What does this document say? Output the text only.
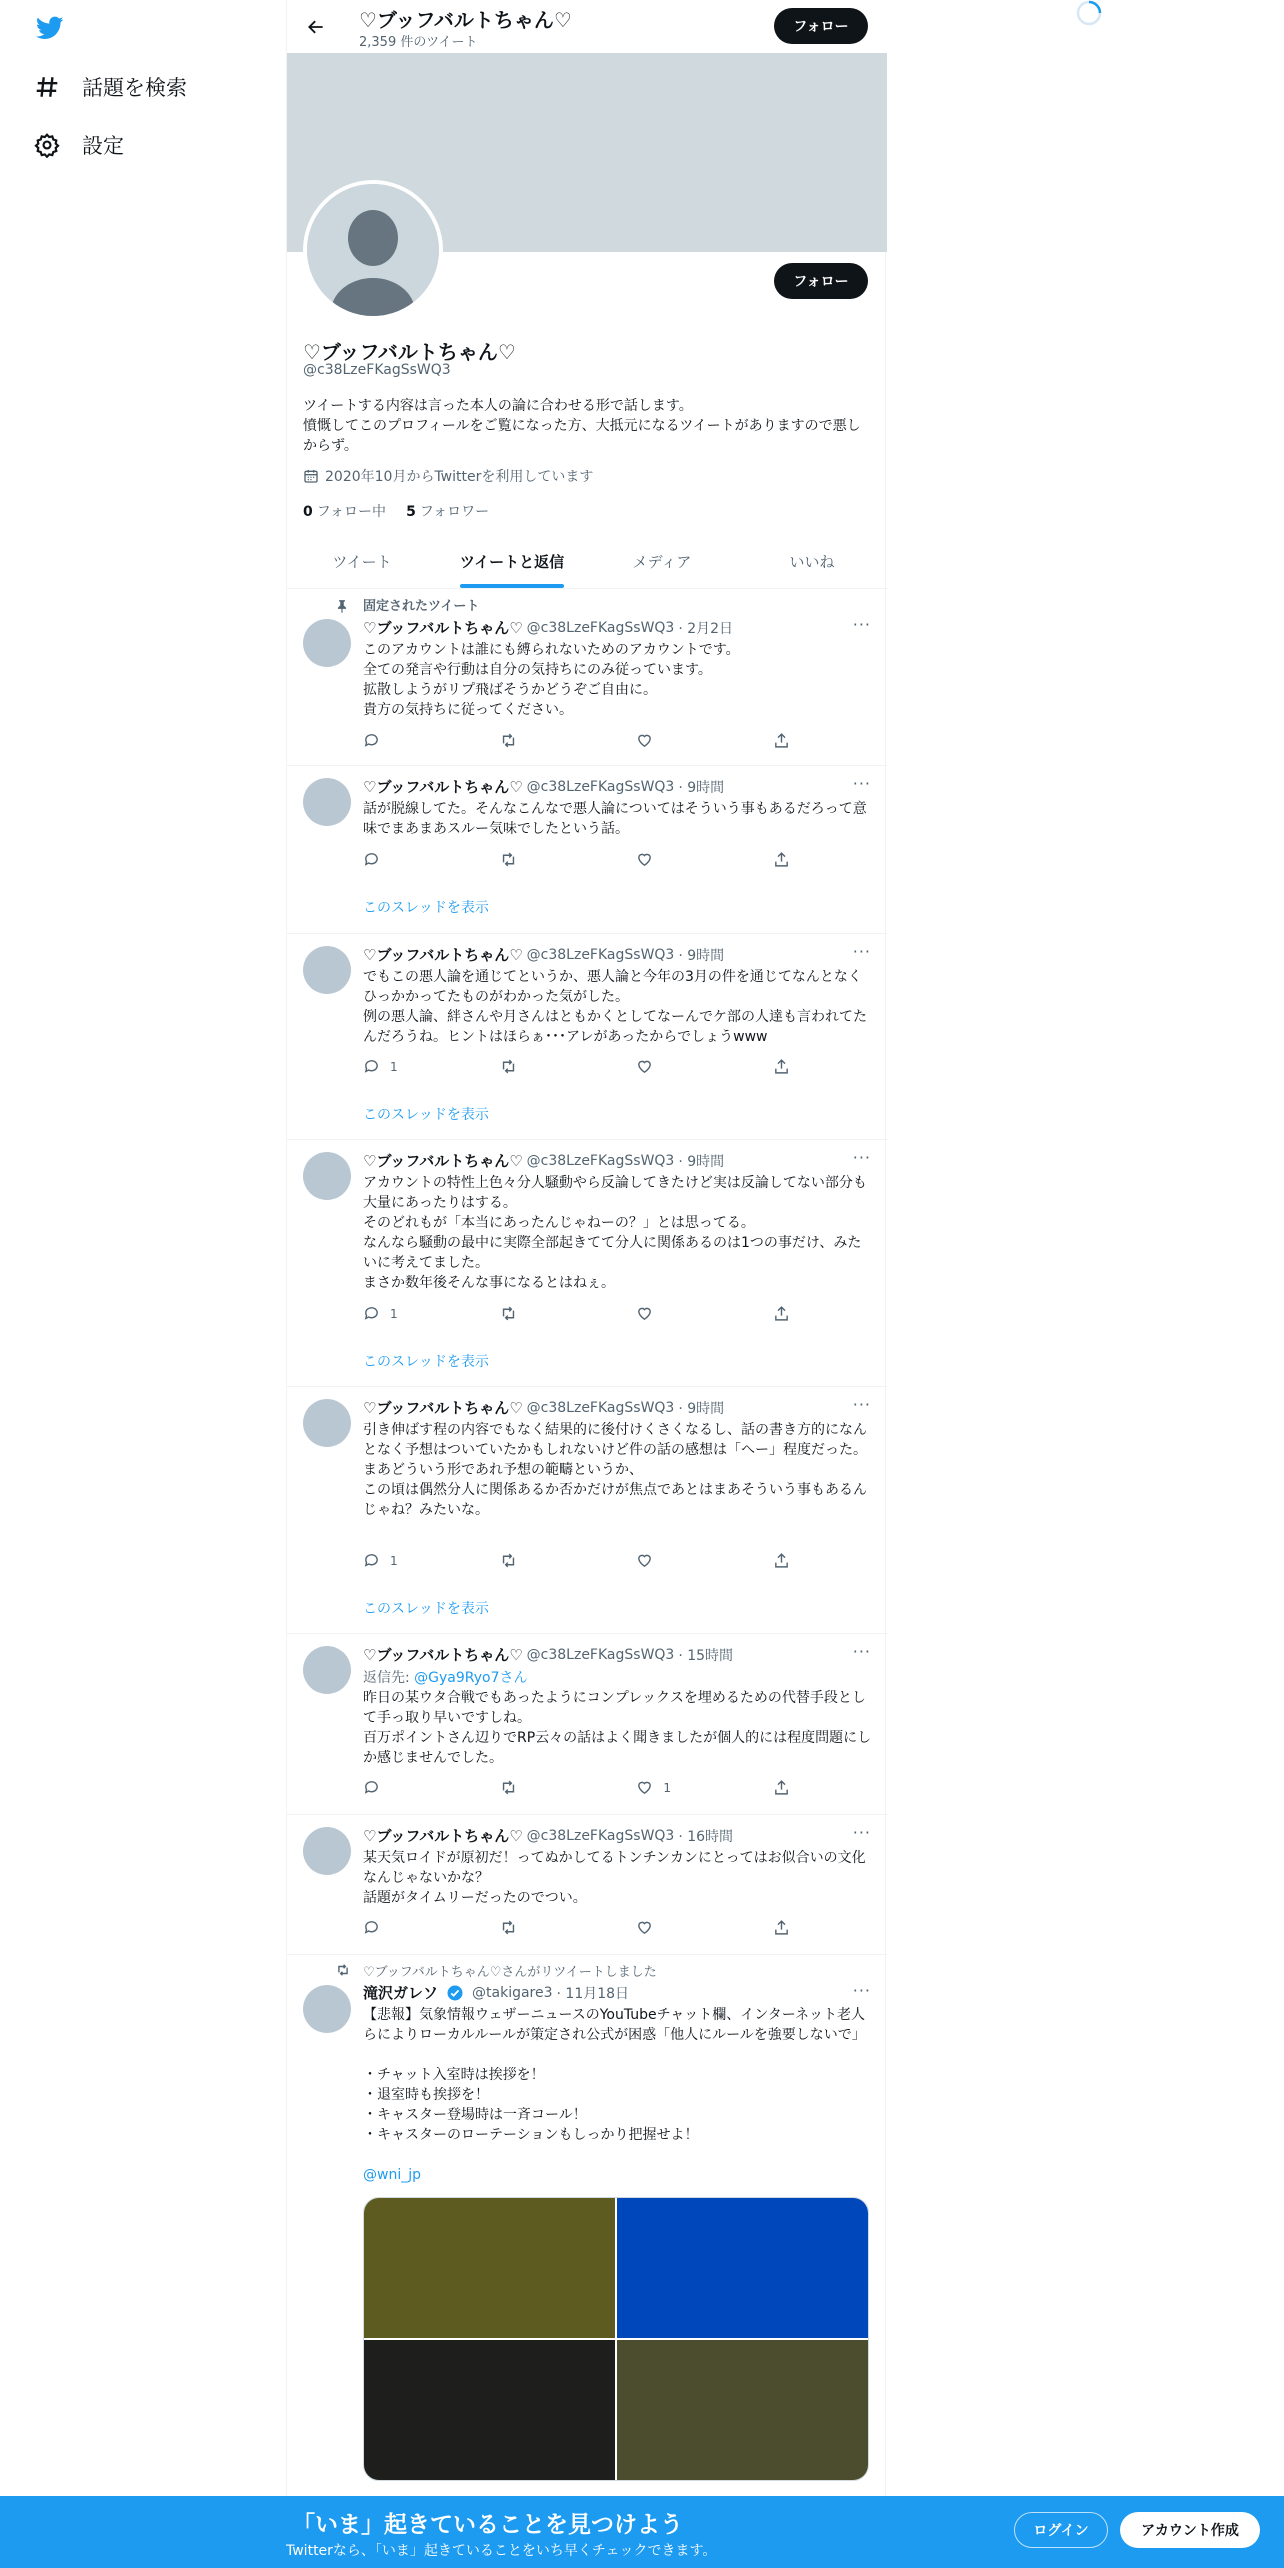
話題を検索
設定
♡ブッフバルトちゃん♡
2,359 件のツイート
フォロー
フォロー
♡ブッフバルトちゃん♡
@c38LzeFKagSsWQ3
ツイートする内容は言った本人の論に合わせる形で話します。
憤慨してこのプロフィールをご覧になった方、大抵元になるツイートがありますので悪しからず。
2020年10月からTwitterを利用しています
0 フォロー中 5 フォロワー
ツイート	ツイートと返信	メディア	いいね
固定されたツイート
♡ブッフバルトちゃん♡ @c38LzeFKagSsWQ3 · 2月2日	···
このアカウントは誰にも縛られないためのアカウントです。
全ての発言や行動は自分の気持ちにのみ従っています。
拡散しようがリプ飛ばそうかどうぞご自由に。
貴方の気持ちに従ってください。
♡ブッフバルトちゃん♡ @c38LzeFKagSsWQ3 · 9時間	···
話が脱線してた。そんなこんなで悪人論についてはそういう事もあるだろって意味でまあまあスルー気味でしたという話。
このスレッドを表示
♡ブッフバルトちゃん♡ @c38LzeFKagSsWQ3 · 9時間	···
でもこの悪人論を通じてというか、悪人論と今年の3月の件を通じてなんとなくひっかかってたものがわかった気がした。
例の悪人論、絆さんや月さんはともかくとしてなーんでケ部の人達も言われてたんだろうね。ヒントはほらぁ･･･アレがあったからでしょうwww
1
このスレッドを表示
♡ブッフバルトちゃん♡ @c38LzeFKagSsWQ3 · 9時間	···
アカウントの特性上色々分人騒動やら反論してきたけど実は反論してない部分も大量にあったりはする。
そのどれもが「本当にあったんじゃねーの？」とは思ってる。
なんなら騒動の最中に実際全部起きてて分人に関係あるのは1つの事だけ、みたいに考えてました。
まさか数年後そんな事になるとはねぇ。
1
このスレッドを表示
♡ブッフバルトちゃん♡ @c38LzeFKagSsWQ3 · 9時間	···
引き伸ばす程の内容でもなく結果的に後付けくさくなるし、話の書き方的になんとなく予想はついていたかもしれないけど件の話の感想は「へー」程度だった。
まあどういう形であれ予想の範疇というか、
この頃は偶然分人に関係あるか否かだけが焦点であとはまあそういう事もあるんじゃね？みたいな。
1
このスレッドを表示
♡ブッフバルトちゃん♡ @c38LzeFKagSsWQ3 · 15時間	···
返信先: @Gya9Ryo7さん
昨日の某ウタ合戦でもあったようにコンプレックスを埋めるための代替手段として手っ取り早いですしね。
百万ポイントさん辺りでRP云々の話はよく聞きましたが個人的には程度問題にしか感じませんでした。
1
♡ブッフバルトちゃん♡ @c38LzeFKagSsWQ3 · 16時間	···
某天気ロイドが原初だ！ってぬかしてるトンチンカンにとってはお似合いの文化なんじゃないかな？
話題がタイムリーだったのでつい。
♡ブッフバルトちゃん♡さんがリツイートしました
滝沢ガレソ @takigare3 · 11月18日	···
【悲報】気象情報ウェザーニュースのYouTubeチャット欄、インターネット老人らによりローカルルールが策定され公式が困惑「他人にルールを強要しないで」

・チャット入室時は挨拶を！
・退室時も挨拶を！
・キャスター登場時は一斉コール！
・キャスターのローテーションもしっかり把握せよ！
@wni_jp
「いま」起きていることを見つけよう
Twitterなら、「いま」起きていることをいち早くチェックできます。
ログイン	アカウント作成
